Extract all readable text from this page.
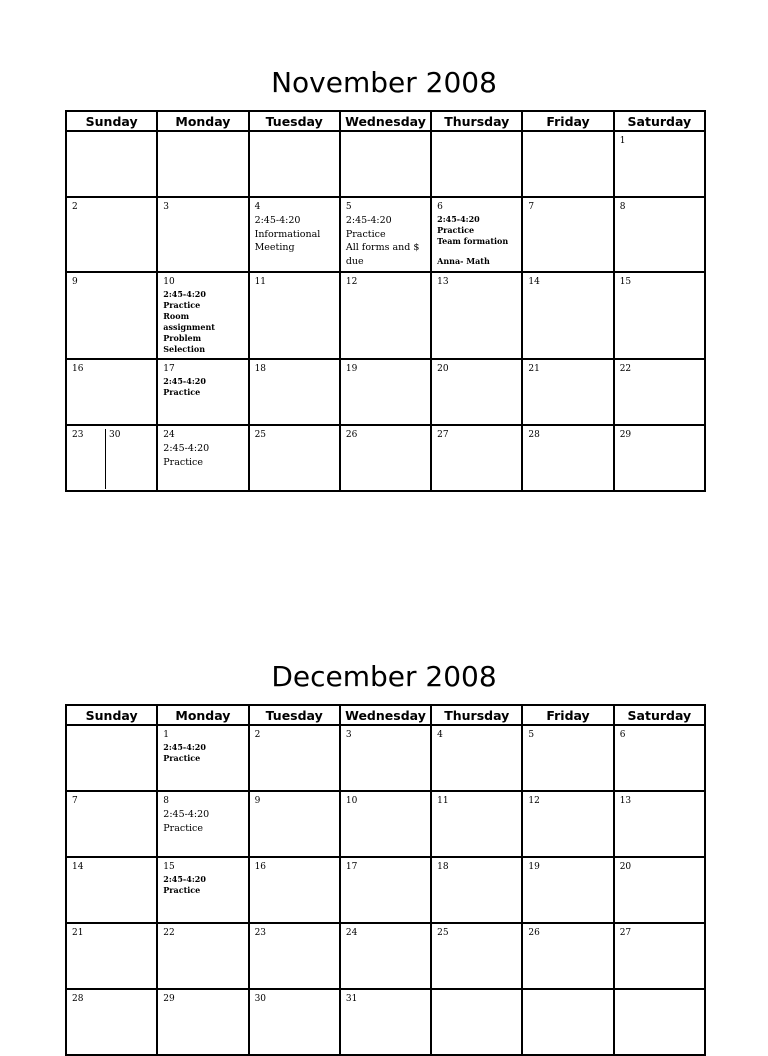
November 2008
Sunday	Monday	Tuesday	Wednesday	Thursday	Friday	Saturday

						1

2	3	4
2:45-4:20
Informational
Meeting	5
2:45-4:20 Practice
All forms and $
due	6
2:45-4:20 Practice
Team formation
Anna- Math	7	8

9	10
2:45-4:20 Practice
Room assignment
Problem Selection	11	12	13	14	15

16	17
2:45-4:20 Practice	18	19	20	21	22

23 30	24
2:45-4:20 Practice	25	26	27	28	29
December 2008
Sunday	Monday	Tuesday	Wednesday	Thursday	Friday	Saturday

	1
2:45-4:20 Practice	2	3	4	5	6

7	8
2:45-4:20 Practice	9	10	11	12	13

14	15
2:45-4:20 Practice	16	17	18	19	20

21	22	23	24	25	26	27

28	29	30	31			
